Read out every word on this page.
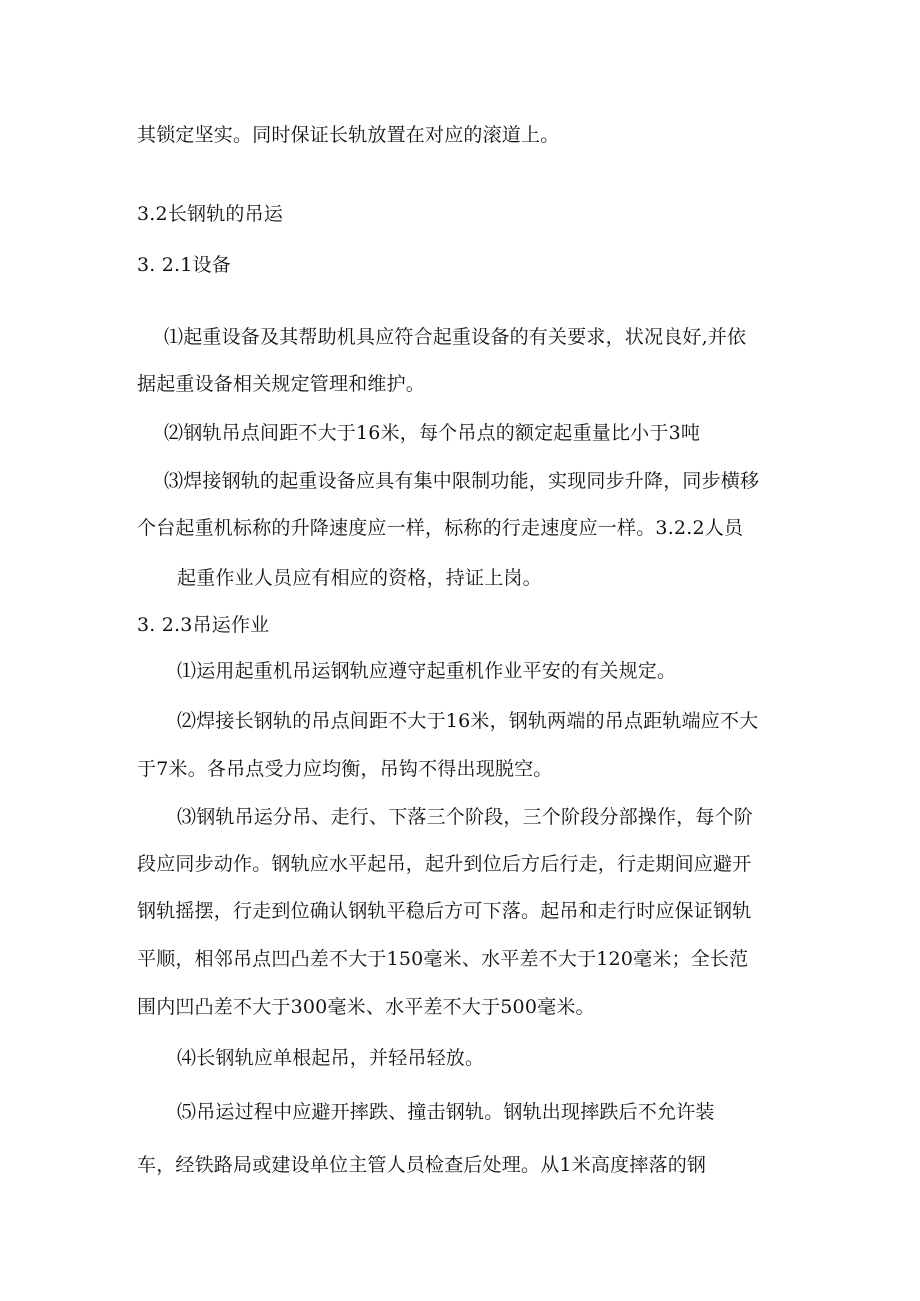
其锁定坚实。同时保证长轨放置在对应的滚道上。
3.2长钢轨的吊运
3. 2.1设备
⑴起重设备及其帮助机具应符合起重设备的有关要求，状况良好,并依
据起重设备相关规定管理和维护。
⑵钢轨吊点间距不大于16米，每个吊点的额定起重量比小于3吨
⑶焊接钢轨的起重设备应具有集中限制功能，实现同步升降，同步横移
个台起重机标称的升降速度应一样，标称的行走速度应一样。3.2.2人员
起重作业人员应有相应的资格，持证上岗。
3. 2.3吊运作业
⑴运用起重机吊运钢轨应遵守起重机作业平安的有关规定。
⑵焊接长钢轨的吊点间距不大于16米，钢轨两端的吊点距轨端应不大
于7米。各吊点受力应均衡，吊钩不得出现脱空。
⑶钢轨吊运分吊、走行、下落三个阶段，三个阶段分部操作，每个阶
段应同步动作。钢轨应水平起吊，起升到位后方后行走，行走期间应避开
钢轨摇摆，行走到位确认钢轨平稳后方可下落。起吊和走行时应保证钢轨
平顺，相邻吊点凹凸差不大于150毫米、水平差不大于120毫米；全长范
围内凹凸差不大于300毫米、水平差不大于500毫米。
⑷长钢轨应单根起吊，并轻吊轻放。
⑸吊运过程中应避开摔跌、撞击钢轨。钢轨出现摔跌后不允许装
车，经铁路局或建设单位主管人员检查后处理。从1米高度摔落的钢
